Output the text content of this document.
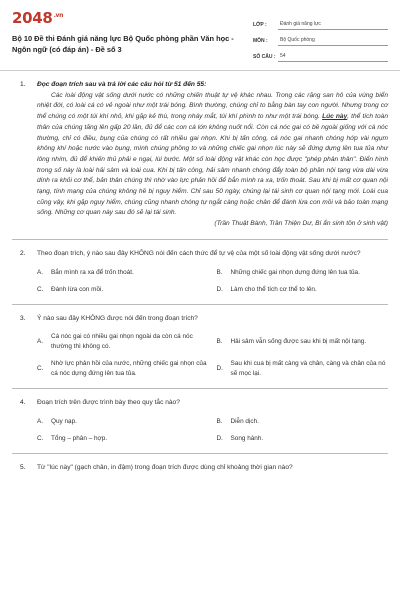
$2048^{.vn}$
Bộ 10 Đề thi Đánh giá năng lực Bộ Quốc phòng phần Văn học - Ngôn ngữ (có đáp án) - Đề số 3
LỚP :	Đánh giá năng lực
MÔN :	Bộ Quốc phòng
SỐ CÂU : 54
1. Đọc đoạn trích sau và trả lời các câu hỏi từ 51 đến 55:
Các loài động vật sống dưới nước có những chiến thuật tự vệ khác nhau. Trong các rặng san hô của vùng biển nhiệt đới, có loài cá có vẻ ngoài như một trái bóng. Bình thường, chúng chỉ to bằng bàn tay con người. Nhưng trong cơ thể chúng có một túi khí nhỏ, khi gặp kẻ thù, trong nháy mắt, túi khí phình to như một trái bóng. Lúc này, thể tích toàn thân của chúng tăng lên gấp 20 lần, đủ để các con cá lớn không nuốt nổi. Còn cá nóc gai có bề ngoài giống với cá nóc thường, chỉ có điều, bụng của chúng có rất nhiều gai nhọn. Khi bị tấn công, cá nóc gai nhanh chóng hớp vài ngụm không khí hoặc nước vào bụng, mình chúng phồng to và những chiếc gai nhọn lúc này sẽ đứng dựng lên tua tủa như lông nhím, đủ để khiến thủ phải e ngại, lùi bước. Một số loài động vật khác còn học được "phép phân thân". Điển hình trong số này là loài hải sâm và loài cua. Khi bị tấn công, hải sâm nhanh chóng đẩy toàn bộ phần nội tạng vừa dài vừa dính ra khỏi cơ thể, bản thân chúng thì nhờ vào lực phản hồi để bắn mình ra xa, trốn thoát. Sau khi bị mất cơ quan nội tạng, tính mạng của chúng không hề bị nguy hiểm. Chỉ sau 50 ngày, chúng lại tái sinh cơ quan nội tạng mới. Loài cua cũng vậy, khi gặp nguy hiểm, chúng cũng nhanh chóng tự ngắt càng hoặc chân để đánh lừa con mồi và bảo toàn mạng sống. Những cơ quan này sau đó sẽ lại tái sinh.
(Trần Thuật Bành, Trần Thiện Dư, Bí ẩn sinh tồn ở sinh vật)
2. Theo đoạn trích, ý nào sau đây KHÔNG nói đến cách thức để tự vệ của một số loài động vật sống dưới nước?
A.	Bắn mình ra xa để trốn thoát.	B.	Những chiếc gai nhọn dựng đứng lên tua tủa.
C.	Đánh lừa con mồi.	D.	Làm cho thể tích cơ thể to lên.
3. Ý nào sau đây KHÔNG được nói đến trong đoạn trích?
A.
Cá nóc gai có nhiều gai nhọn ngoài da còn cá nóc thường thì không có.
B.	Hải sâm vẫn sống được sau khi bị mất nội tạng.
C.
Nhờ lực phản hồi của nước, những chiếc gai nhọn của cá nóc dựng đứng lên tua tủa.
D.
Sau khi cua bị mất càng và chân, càng và chân của nó sẽ mọc lại.
4. Đoạn trích trên được trình bày theo quy tắc nào?
A.	Quy nạp.	B.	Diễn dịch.
C.	Tổng – phân – hợp.	D.	Song hành.
5. Từ "lúc này" (gạch chân, in đậm) trong đoạn trích được dùng chỉ khoảng thời gian nào?
